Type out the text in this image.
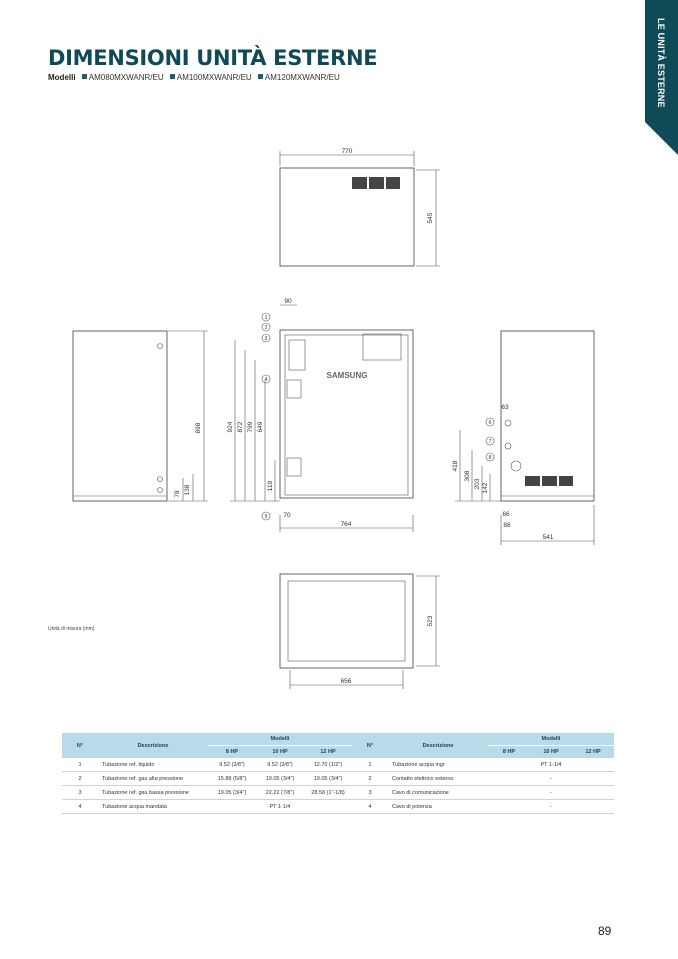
DIMENSIONI UNITÀ ESTERNE
Modelli AM080MXWANR/EU AM100MXWANR/EU AM120MXWANR/EU	LE UNITÀ ESTERNE
770
545
898
78 138
90
70
764
924 872 799 649
119
SAMSUNG
1
2
3
4
5
63
66
88
541
418
308
203 142
6
7
8
656
523
Unità di misura (mm)
N°	Descrizione	Modelli			N°	Descrizione	Modelli		
		8 HP	10 HP	12 HP			8 HP	10 HP	12 HP
1	Tubazione ref. liquido	9.52 (3/8")	9.52 (3/8")	12.70 (1/2")	1	Tubazione acqua ingr	PT 1-1/4		
2	Tubazione ref. gas alta pressione	15.88 (5/8")	19.05 (3/4")	19.05 (3/4")	2	Contatto elettrico esterno	-		
3	Tubazione ref. gas bassa pressione	19.05 (3/4")	22.22 (7/8")	28.58 (1"-1/8)	3	Cavo di comunicazione	-		
4	Tubazione acqua mandata	PT 1-1/4			4	Cavo di potenza	-		
89
